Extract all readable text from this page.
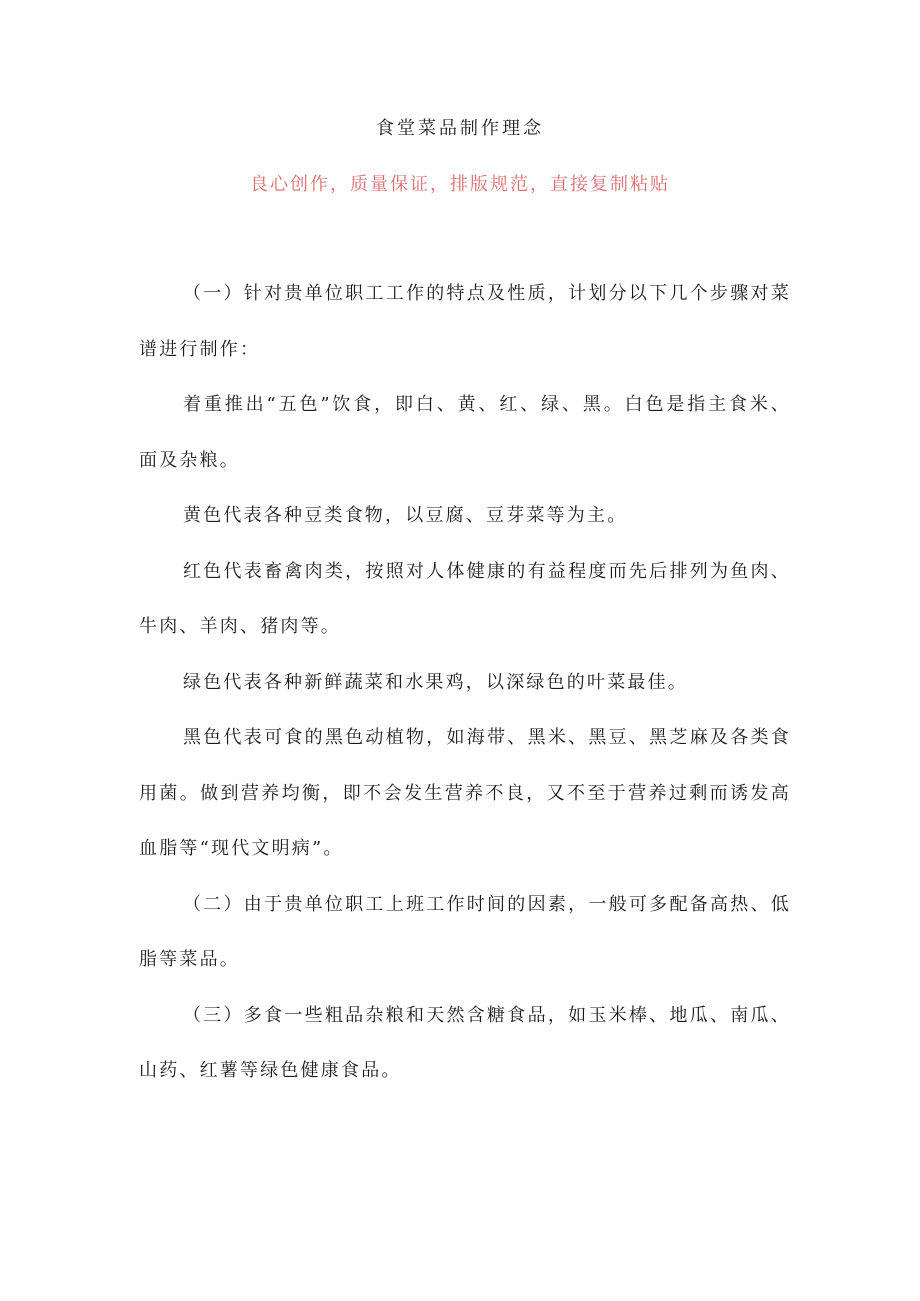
食堂菜品制作理念
良心创作，质量保证，排版规范，直接复制粘贴

（一）针对贵单位职工工作的特点及性质，计划分以下几个步骤对菜谱进行制作：

着重推出“五色”饮食，即白、黄、红、绿、黑。白色是指主食米、面及杂粮。

黄色代表各种豆类食物，以豆腐、豆芽菜等为主。

红色代表畜禽肉类，按照对人体健康的有益程度而先后排列为鱼肉、牛肉、羊肉、猪肉等。

绿色代表各种新鲜蔬菜和水果鸡，以深绿色的叶菜最佳。

黑色代表可食的黑色动植物，如海带、黑米、黑豆、黑芝麻及各类食用菌。做到营养均衡，即不会发生营养不良，又不至于营养过剩而诱发高血脂等“现代文明病”。

（二）由于贵单位职工上班工作时间的因素，一般可多配备高热、低脂等菜品。

（三）多食一些粗品杂粮和天然含糖食品，如玉米棒、地瓜、南瓜、山药、红薯等绿色健康食品。
